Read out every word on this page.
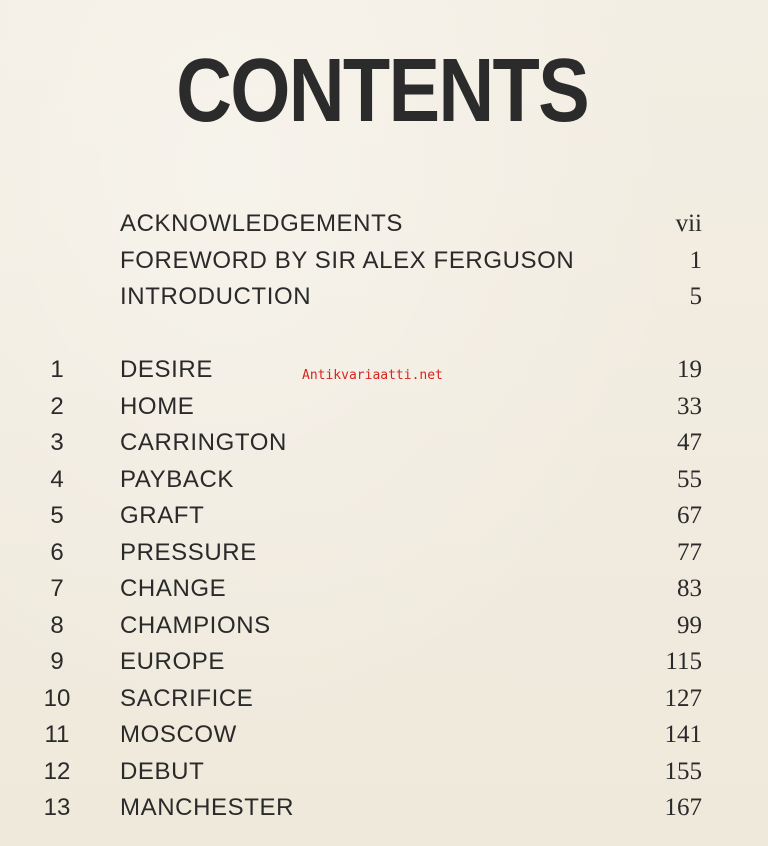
CONTENTS
ACKNOWLEDGEMENTS	vii
FOREWORD BY SIR ALEX FERGUSON	1
INTRODUCTION	5
1	DESIRE	19
2	HOME	33
3	CARRINGTON	47
4	PAYBACK	55
5	GRAFT	67
6	PRESSURE	77
7	CHANGE	83
8	CHAMPIONS	99
9	EUROPE	115
10	SACRIFICE	127
11	MOSCOW	141
12	DEBUT	155
13	MANCHESTER	167
Antikvariaatti.net
